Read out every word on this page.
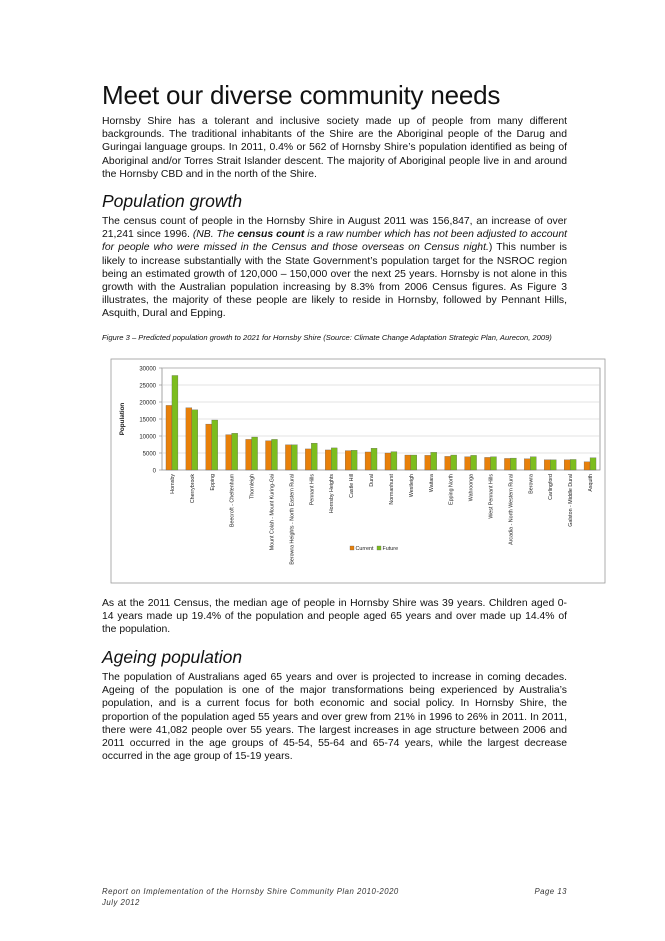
Meet our diverse community needs

Hornsby Shire has a tolerant and inclusive society made up of people from many different backgrounds. The traditional inhabitants of the Shire are the Aboriginal people of the Darug and Guringai language groups. In 2011, 0.4% or 562 of Hornsby Shire’s population identified as being of Aboriginal and/or Torres Strait Islander descent. The majority of Aboriginal people live in and around the Hornsby CBD and in the north of the Shire.

Population growth

The census count of people in the Hornsby Shire in August 2011 was 156,847, an increase of over 21,241 since 1996. (NB. The census count is a raw number which has not been adjusted to account for people who were missed in the Census and those overseas on Census night.) This number is likely to increase substantially with the State Government’s population target for the NSROC region being an estimated growth of 120,000 – 150,000 over the next 25 years. Hornsby is not alone in this growth with the Australian population increasing by 8.3% from 2006 Census figures. As Figure 3 illustrates, the majority of these people are likely to reside in Hornsby, followed by Pennant Hills, Asquith, Dural and Epping.

Figure 3 – Predicted population growth to 2021 for Hornsby Shire (Source: Climate Change Adaptation Strategic Plan, Aurecon, 2009)
0
5000
10000
15000
20000
25000
30000
Population
Hornsby	Cherrybrook	Epping	Beecroft - Cheltenham	Thornleigh	Mount Colah - Mount Kuring-Gai	Berowra Heights - North Eastern Rural	Pennant Hills	Hornsby Heights	Castle Hill	Dural	Normanhurst	Westleigh	Waitara	Epping North	Wahroonga	West Pennant Hills	Arcadia - North Western Rural	Berowra	Carlingford	Galston - Middle Dural	Asquith
Current Future

As at the 2011 Census, the median age of people in Hornsby Shire was 39 years. Children aged 0-14 years made up 19.4% of the population and people aged 65 years and over made up 14.4% of the population.

Ageing population

The population of Australians aged 65 years and over is projected to increase in coming decades. Ageing of the population is one of the major transformations being experienced by Australia’s population, and is a current focus for both economic and social policy. In Hornsby Shire, the proportion of the population aged 55 years and over grew from 21% in 1996 to 26% in 2011. In 2011, there were 41,082 people over 55 years. The largest increases in age structure between 2006 and 2011 occurred in the age groups of 45-54, 55-64 and 65-74 years, while the largest decrease occurred in the age group of 15-19 years.

Report on Implementation of the Hornsby Shire Community Plan 2010-2020
July 2012
Page 13
